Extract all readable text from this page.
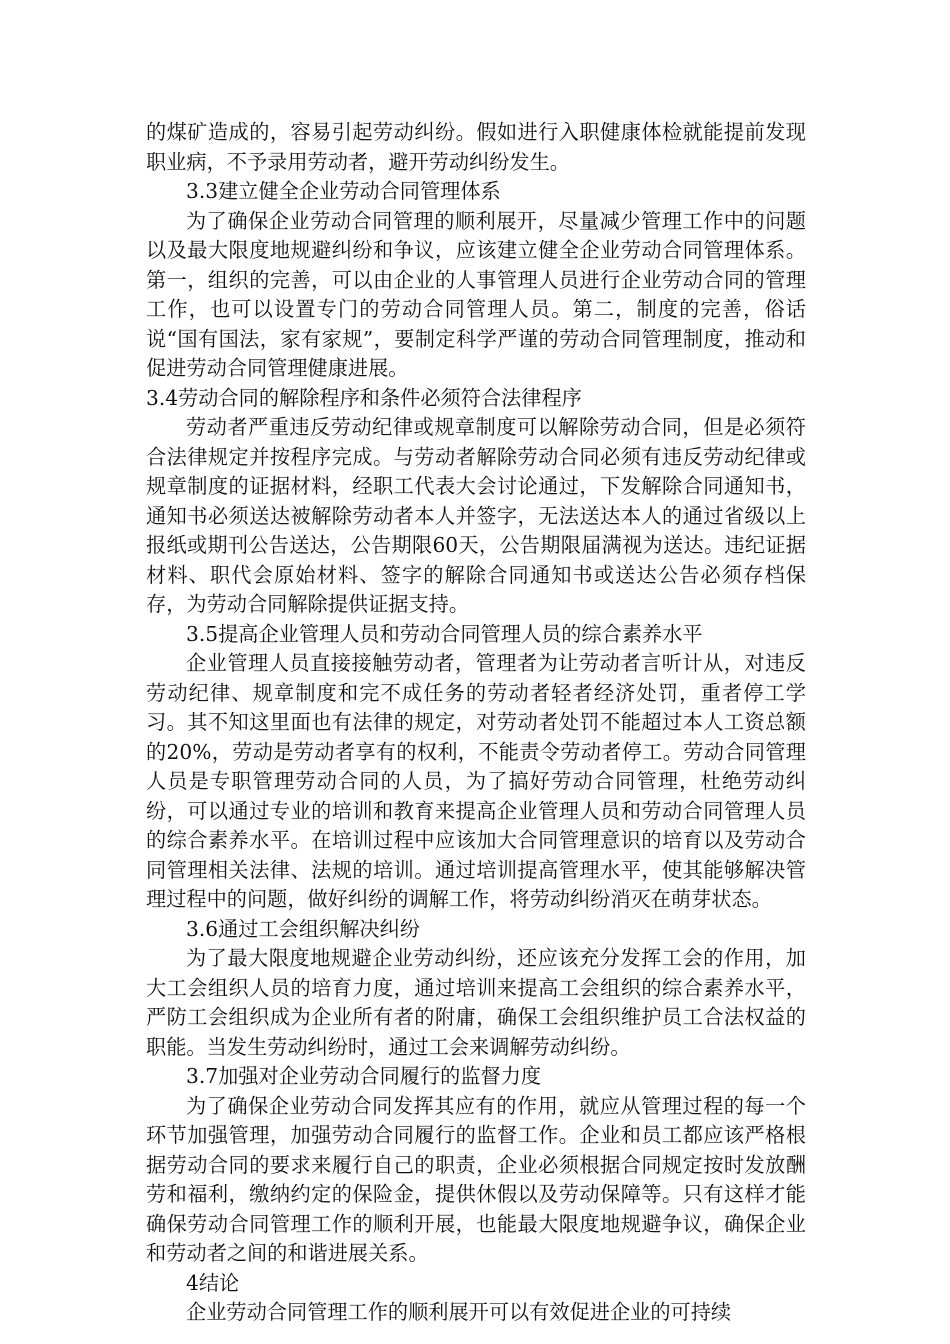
的煤矿造成的，容易引起劳动纠纷。假如进行入职健康体检就能提前发现职业病，不予录用劳动者，避开劳动纠纷发生。

3.3建立健全企业劳动合同管理体系

为了确保企业劳动合同管理的顺利展开，尽量减少管理工作中的问题以及最大限度地规避纠纷和争议，应该建立健全企业劳动合同管理体系。第一，组织的完善，可以由企业的人事管理人员进行企业劳动合同的管理工作，也可以设置专门的劳动合同管理人员。第二，制度的完善，俗话说“国有国法，家有家规”，要制定科学严谨的劳动合同管理制度，推动和促进劳动合同管理健康进展。

3.4劳动合同的解除程序和条件必须符合法律程序

劳动者严重违反劳动纪律或规章制度可以解除劳动合同，但是必须符合法律规定并按程序完成。与劳动者解除劳动合同必须有违反劳动纪律或规章制度的证据材料，经职工代表大会讨论通过，下发解除合同通知书，通知书必须送达被解除劳动者本人并签字，无法送达本人的通过省级以上报纸或期刊公告送达，公告期限60天，公告期限届满视为送达。违纪证据材料、职代会原始材料、签字的解除合同通知书或送达公告必须存档保存，为劳动合同解除提供证据支持。

3.5提高企业管理人员和劳动合同管理人员的综合素养水平

企业管理人员直接接触劳动者，管理者为让劳动者言听计从，对违反劳动纪律、规章制度和完不成任务的劳动者轻者经济处罚，重者停工学习。其不知这里面也有法律的规定，对劳动者处罚不能超过本人工资总额的20%，劳动是劳动者享有的权利，不能责令劳动者停工。劳动合同管理人员是专职管理劳动合同的人员，为了搞好劳动合同管理，杜绝劳动纠纷，可以通过专业的培训和教育来提高企业管理人员和劳动合同管理人员的综合素养水平。在培训过程中应该加大合同管理意识的培育以及劳动合同管理相关法律、法规的培训。通过培训提高管理水平，使其能够解决管理过程中的问题，做好纠纷的调解工作，将劳动纠纷消灭在萌芽状态。

3.6通过工会组织解决纠纷

为了最大限度地规避企业劳动纠纷，还应该充分发挥工会的作用，加大工会组织人员的培育力度，通过培训来提高工会组织的综合素养水平，严防工会组织成为企业所有者的附庸，确保工会组织维护员工合法权益的职能。当发生劳动纠纷时，通过工会来调解劳动纠纷。

3.7加强对企业劳动合同履行的监督力度

为了确保企业劳动合同发挥其应有的作用，就应从管理过程的每一个环节加强管理，加强劳动合同履行的监督工作。企业和员工都应该严格根据劳动合同的要求来履行自己的职责，企业必须根据合同规定按时发放酬劳和福利，缴纳约定的保险金，提供休假以及劳动保障等。只有这样才能确保劳动合同管理工作的顺利开展，也能最大限度地规避争议，确保企业和劳动者之间的和谐进展关系。

4结论

企业劳动合同管理工作的顺利展开可以有效促进企业的可持续
